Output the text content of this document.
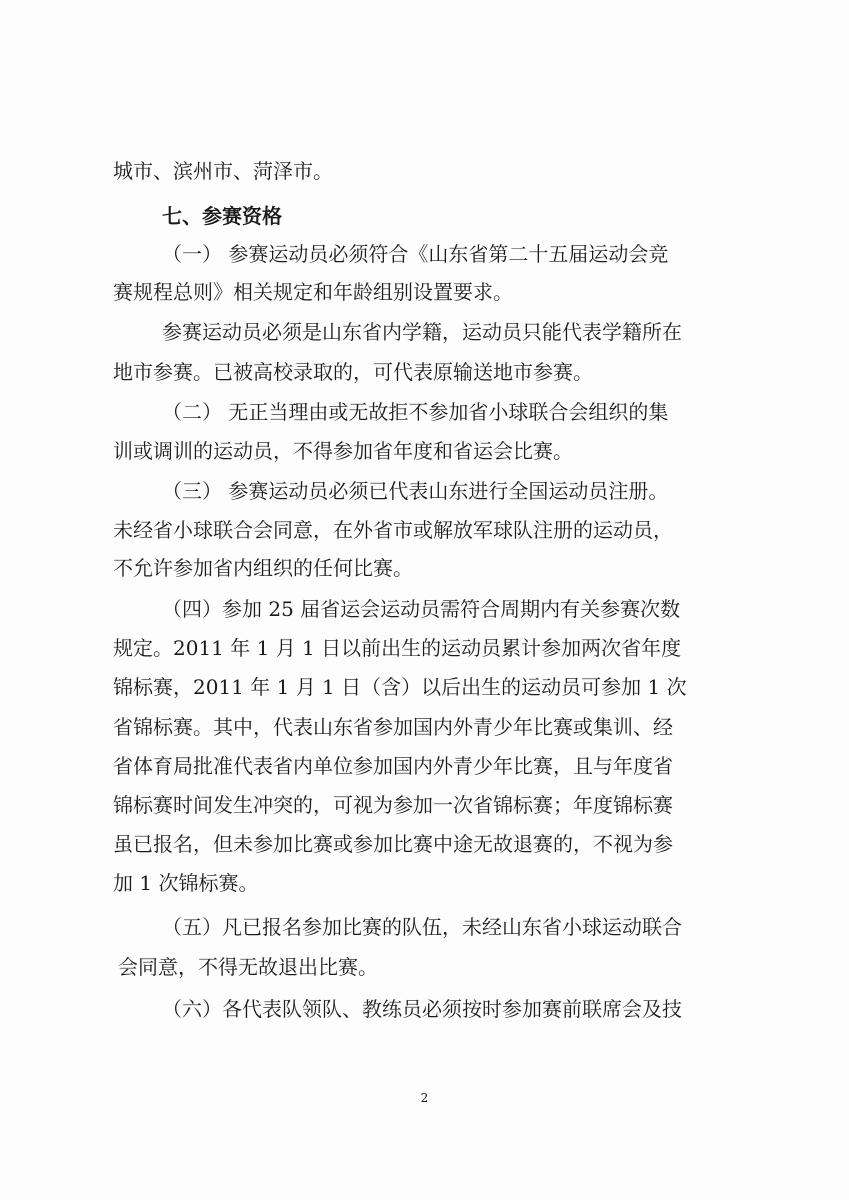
城市、滨州市、菏泽市。
七、参赛资格
（一） 参赛运动员必须符合《山东省第二十五届运动会竞
赛规程总则》相关规定和年龄组别设置要求。
参赛运动员必须是山东省内学籍，运动员只能代表学籍所在
地市参赛。已被高校录取的，可代表原输送地市参赛。
（二） 无正当理由或无故拒不参加省小球联合会组织的集
训或调训的运动员，不得参加省年度和省运会比赛。
（三） 参赛运动员必须已代表山东进行全国运动员注册。
未经省小球联合会同意，在外省市或解放军球队注册的运动员，
不允许参加省内组织的任何比赛。
（四）参加 25 届省运会运动员需符合周期内有关参赛次数
规定。2011 年 1 月 1 日以前出生的运动员累计参加两次省年度
锦标赛，2011 年 1 月 1 日（含）以后出生的运动员可参加 1 次
省锦标赛。其中，代表山东省参加国内外青少年比赛或集训、经
省体育局批准代表省内单位参加国内外青少年比赛，且与年度省
锦标赛时间发生冲突的，可视为参加一次省锦标赛；年度锦标赛
虽已报名，但未参加比赛或参加比赛中途无故退赛的，不视为参
加 1 次锦标赛。
（五）凡已报名参加比赛的队伍，未经山东省小球运动联合
会同意，不得无故退出比赛。
（六）各代表队领队、教练员必须按时参加赛前联席会及技
2
